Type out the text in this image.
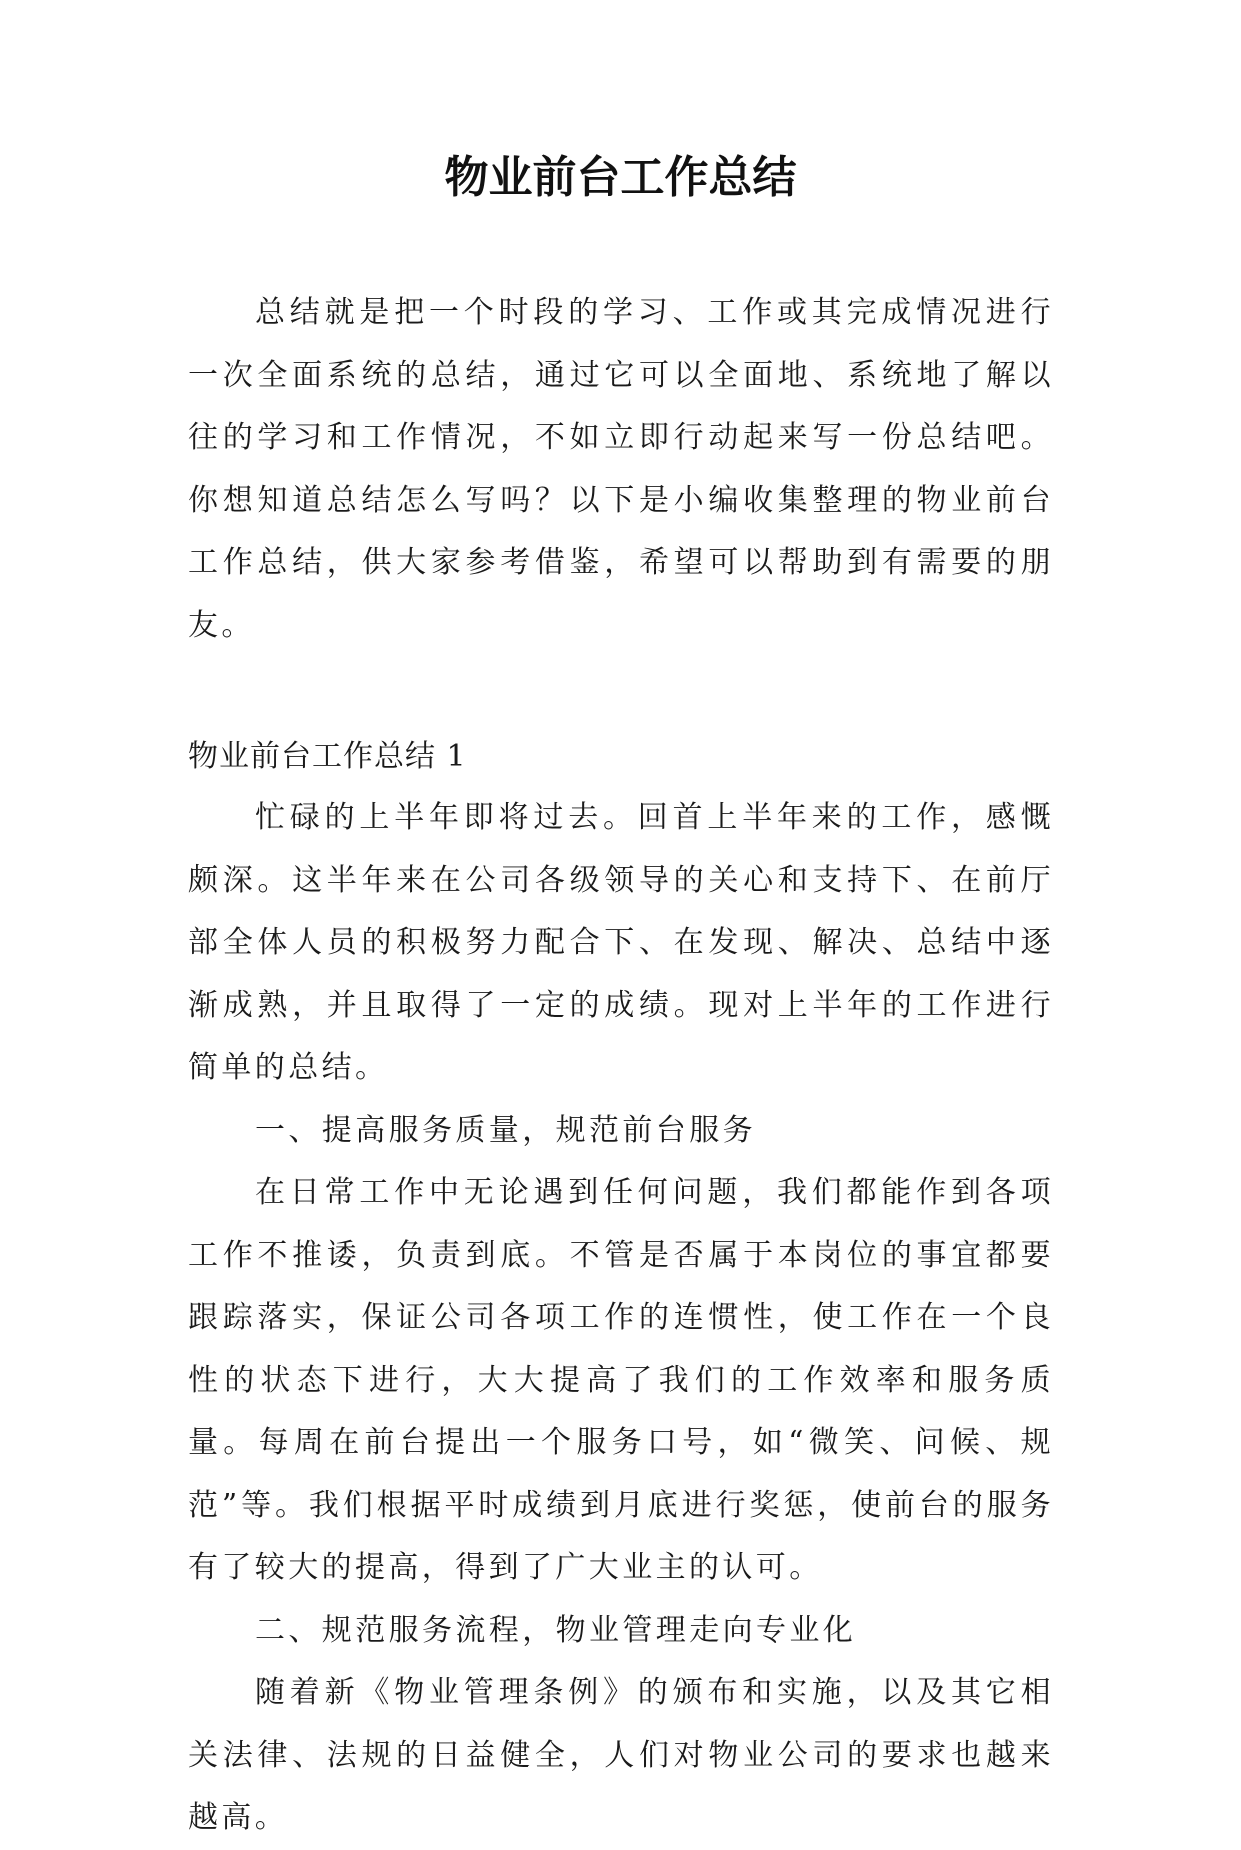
物业前台工作总结

总结就是把一个时段的学习、工作或其完成情况进行一次全面系统的总结，通过它可以全面地、系统地了解以往的学习和工作情况，不如立即行动起来写一份总结吧。你想知道总结怎么写吗？以下是小编收集整理的物业前台工作总结，供大家参考借鉴，希望可以帮助到有需要的朋友。

物业前台工作总结 1

忙碌的上半年即将过去。回首上半年来的工作，感慨颇深。这半年来在公司各级领导的关心和支持下、在前厅部全体人员的积极努力配合下、在发现、解决、总结中逐渐成熟，并且取得了一定的成绩。现对上半年的工作进行简单的总结。

一、提高服务质量，规范前台服务

在日常工作中无论遇到任何问题，我们都能作到各项工作不推诿，负责到底。不管是否属于本岗位的事宜都要跟踪落实，保证公司各项工作的连惯性，使工作在一个良性的状态下进行，大大提高了我们的工作效率和服务质量。每周在前台提出一个服务口号，如“微笑、问候、规范”等。我们根据平时成绩到月底进行奖惩，使前台的服务有了较大的提高，得到了广大业主的认可。

二、规范服务流程，物业管理走向专业化

随着新《物业管理条例》的颁布和实施，以及其它相关法律、法规的日益健全，人们对物业公司的要求也越来越高。
